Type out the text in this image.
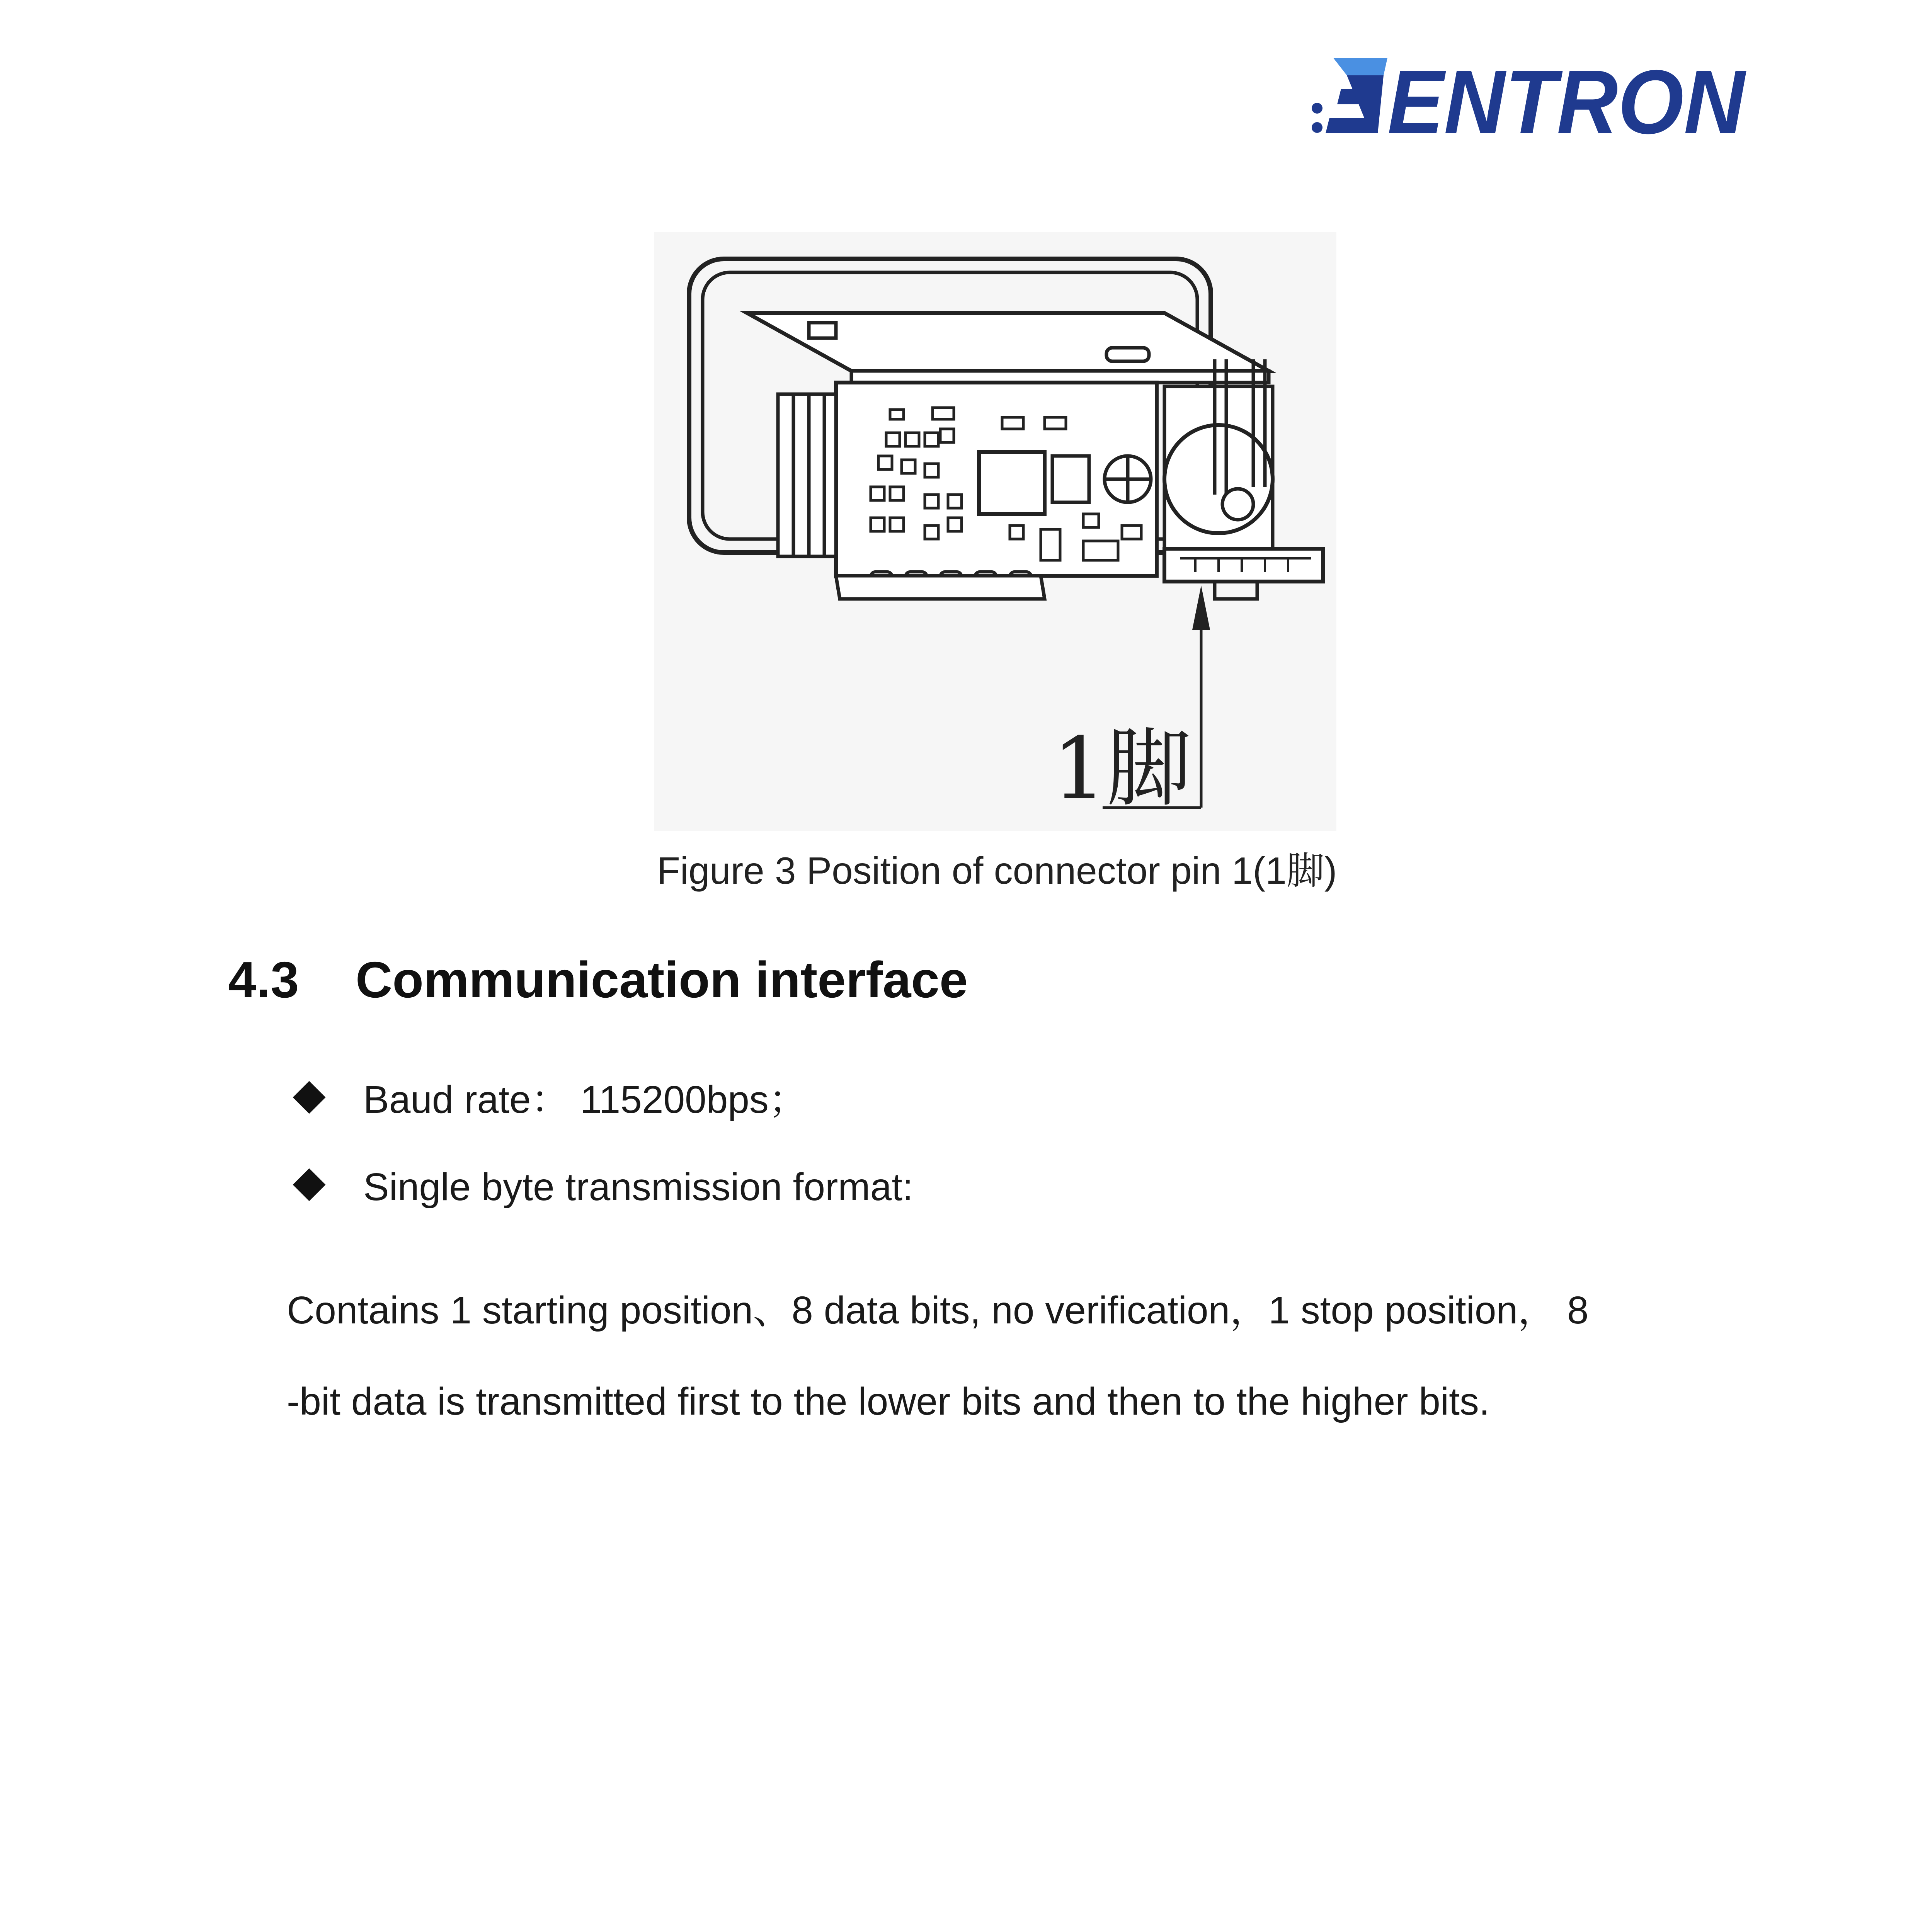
ENTRON
1脚
Figure 3 Position of connector pin 1(1脚)
4.3 Communication interface
Baud rate： 115200bps；
Single byte transmission format:
Contains 1 starting position、8 data bits, no verification，1 stop position， 8
-bit data is transmitted first to the lower bits and then to the higher bits.
